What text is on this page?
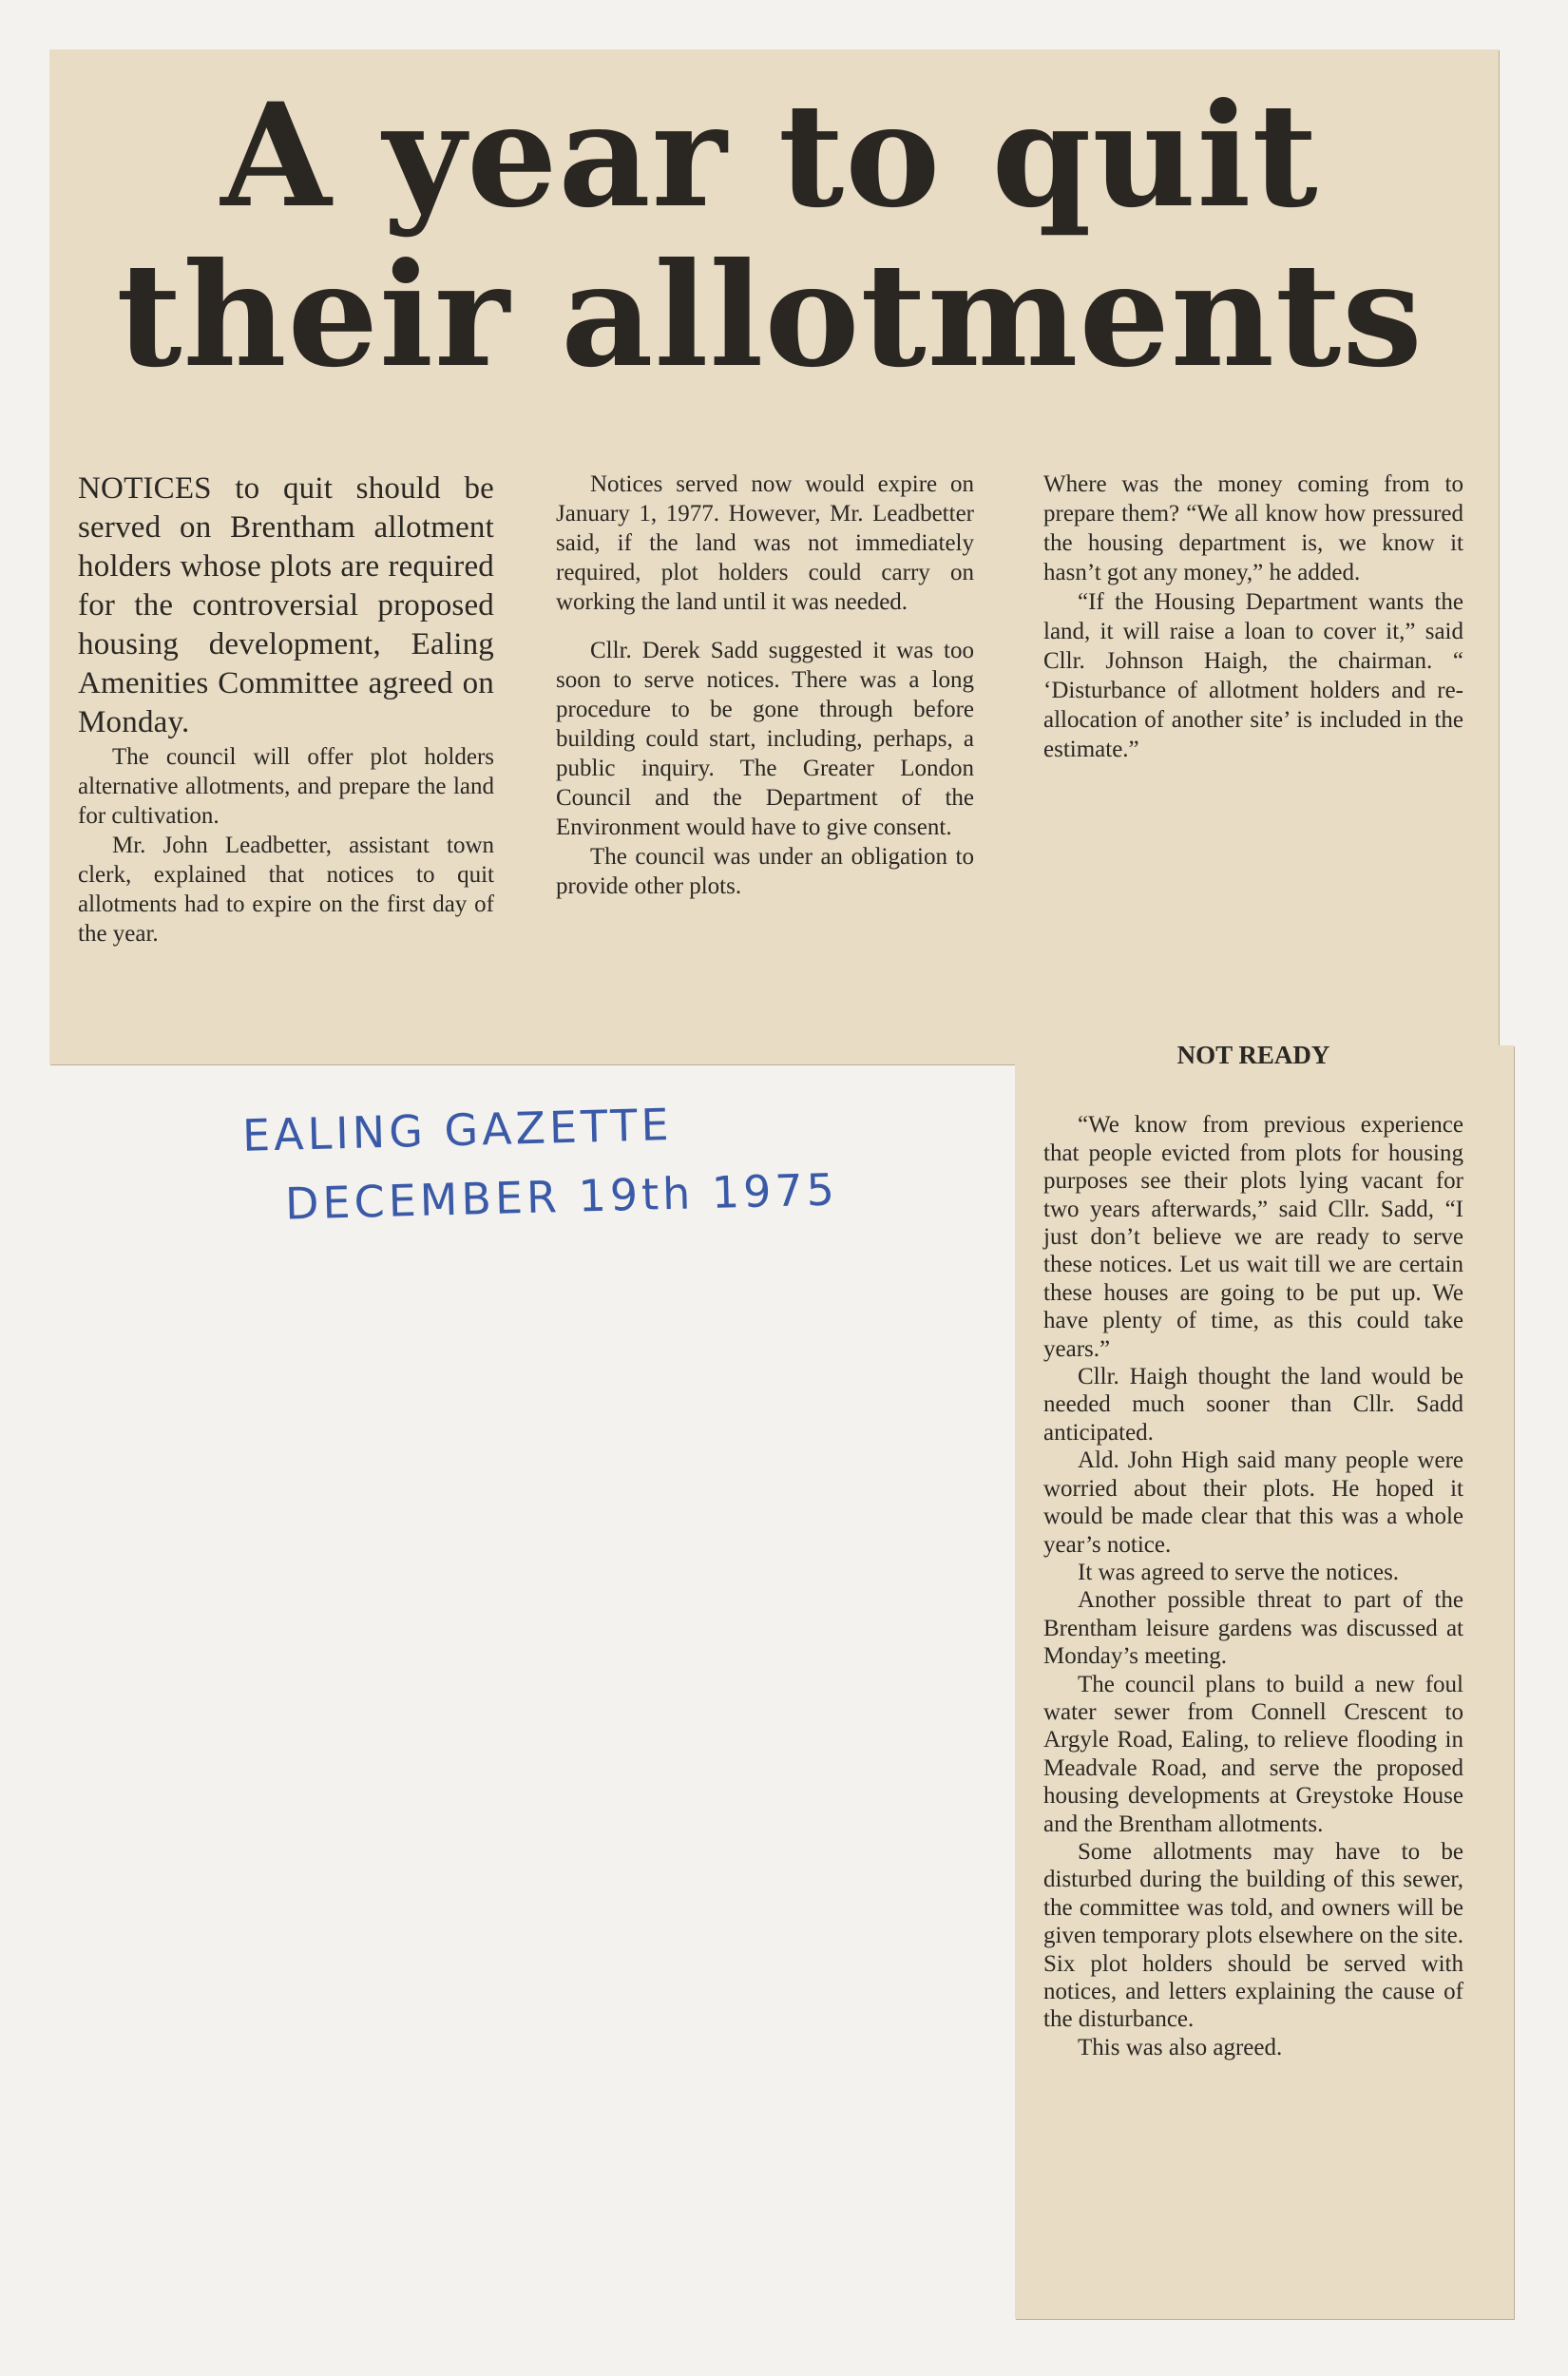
A year to quit
their allotments

NOTICES to quit should be served on Brentham allotment holders whose plots are required for the controversial proposed housing development, Ealing Amenities Committee agreed on Monday.

The council will offer plot holders alternative allotments, and prepare the land for cultivation.

Mr. John Leadbetter, assistant town clerk, explained that notices to quit allotments had to expire on the first day of the year.

Notices served now would expire on January 1, 1977. However, Mr. Leadbetter said, if the land was not immediately required, plot holders could carry on working the land until it was needed.

Cllr. Derek Sadd suggested it was too soon to serve notices. There was a long procedure to be gone through before building could start, including, perhaps, a public inquiry. The Greater London Council and the Department of the Environment would have to give consent.

The council was under an obligation to provide other plots.

Where was the money coming from to prepare them? “We all know how pressured the housing department is, we know it hasn’t got any money,” he added.

“If the Housing Department wants the land, it will raise a loan to cover it,” said Cllr. Johnson Haigh, the chairman. “ ‘Disturbance of allotment holders and re-allocation of another site’ is included in the estimate.”

NOT READY

“We know from previous experience that people evicted from plots for housing purposes see their plots lying vacant for two years afterwards,” said Cllr. Sadd, “I just don’t believe we are ready to serve these notices. Let us wait till we are certain these houses are going to be put up. We have plenty of time, as this could take years.”

Cllr. Haigh thought the land would be needed much sooner than Cllr. Sadd anticipated.

Ald. John High said many people were worried about their plots. He hoped it would be made clear that this was a whole year’s notice.

It was agreed to serve the notices.

Another possible threat to part of the Brentham leisure gardens was discussed at Monday’s meeting.

The council plans to build a new foul water sewer from Connell Crescent to Argyle Road, Ealing, to relieve flooding in Meadvale Road, and serve the proposed housing developments at Greystoke House and the Brentham allotments.

Some allotments may have to be disturbed during the building of this sewer, the committee was told, and owners will be given temporary plots elsewhere on the site. Six plot holders should be served with notices, and letters explaining the cause of the disturbance.

This was also agreed.

EALING GAZETTE
DECEMBER 19th 1975
